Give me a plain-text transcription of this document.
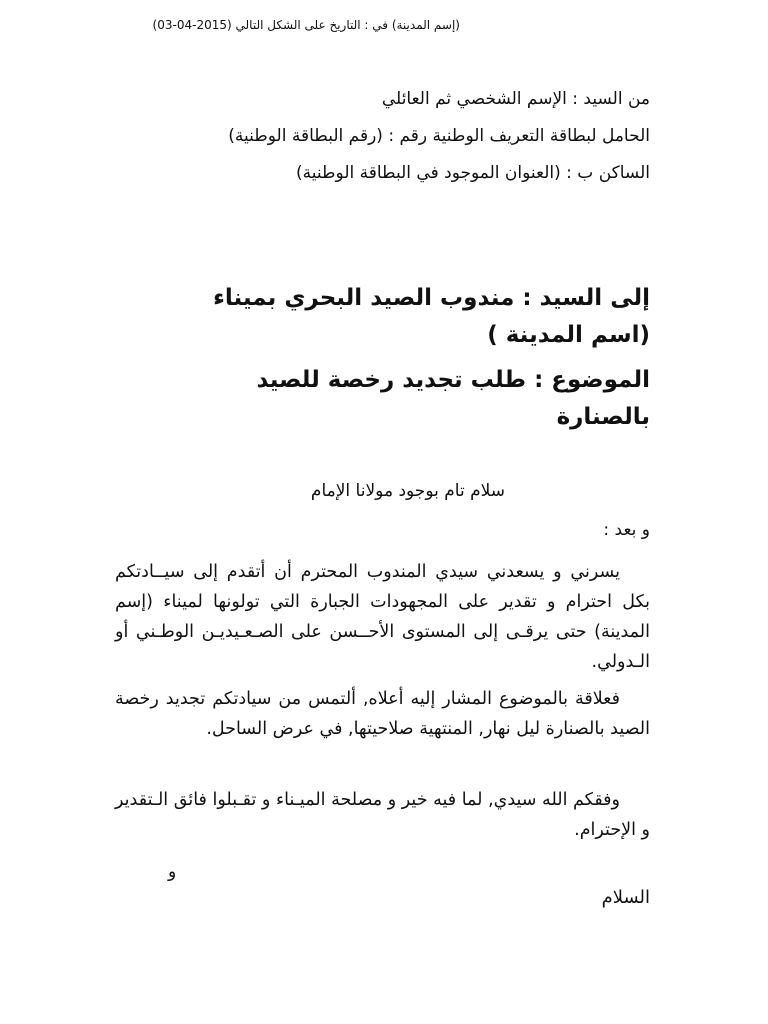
(إسم المدينة) في : التاريخ على الشكل التالي (2015-04-03)
من السيد : الإسم الشخصي ثم العائلي
الحامل لبطاقة التعريف الوطنية رقم : (رقم البطاقة الوطنية)
الساكن ب : (العنوان الموجود في البطاقة الوطنية)
إلى السيد : مندوب الصيد البحري بميناء (اسم المدينة )
الموضوع : طلب تجديد رخصة للصيد بالصنارة
سلام تام بوجود مولانا الإمام
و بعد :

يسرني و يسعدني سيدي المندوب المحترم أن أتقدم إلى سيــادتكم بكل احترام و تقدير على المجهودات الجبارة التي تولونها لميناء (إسم المدينة) حتى يرقـى إلى المستوى الأحــسن على الصـعـيديـن الوطـني أو الـدولي.

فعلاقة بالموضوع المشار إليه أعلاه, ألتمس من سيادتكم تجديد رخصة الصيد بالصنارة ليل نهار, المنتهية صلاحيتها, في عرض الساحل.

وفقكم الله سيدي, لما فيه خير و مصلحة الميـناء و تقـبلوا فائق الـتقدير و الإحترام.

و
السلام
